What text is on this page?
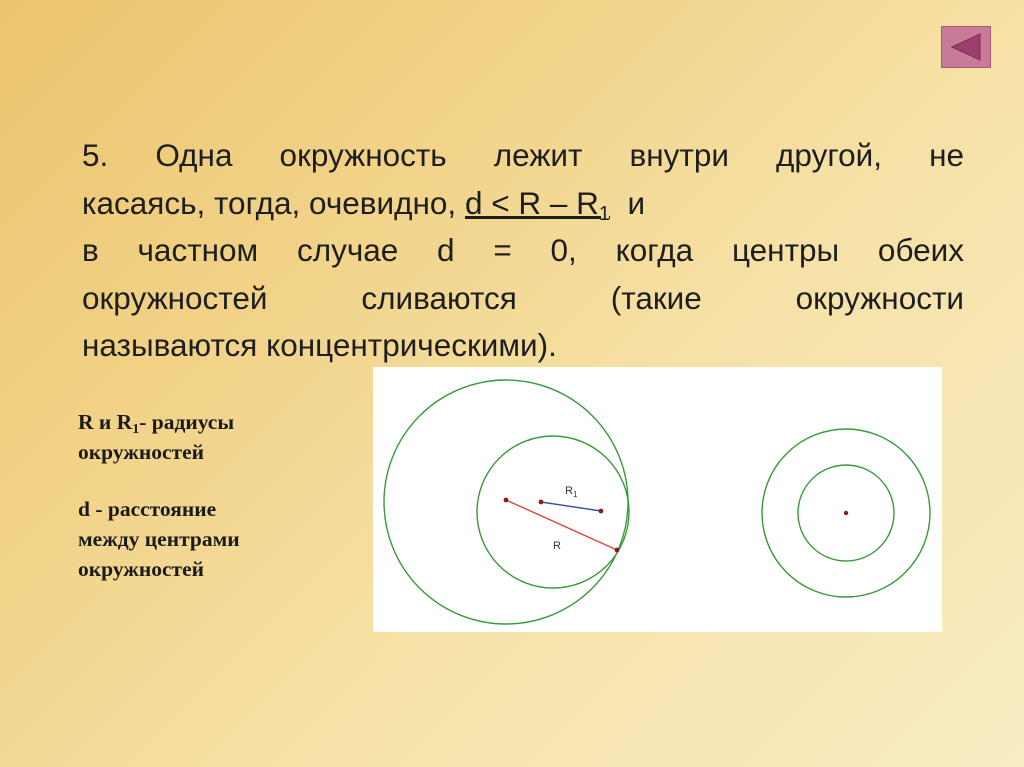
5. Одна окружность лежит внутри другой, не
касаясь, тогда, очевидно, $d < R - R_1$ и
в частном случае d = 0, когда центры обеих
окружностей сливаются (такие окружности
называются концентрическими).
R и $R_1-$ радиусы
окружностей
d - расстояние
между центрами
окружностей
$R_1$
R
